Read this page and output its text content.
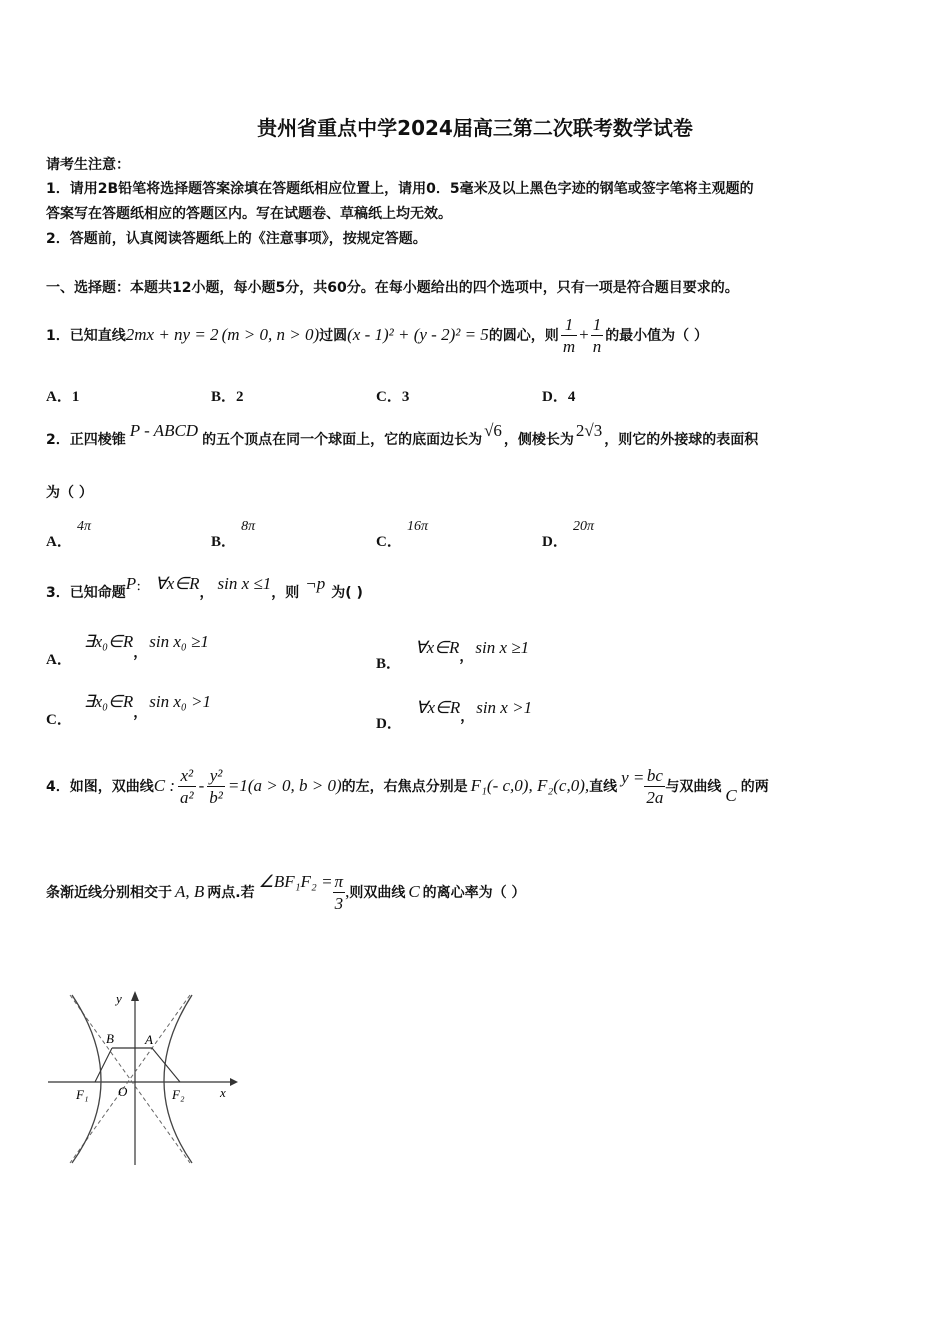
贵州省重点中学2024届高三第二次联考数学试卷
请考生注意：
1．请用2B铅笔将选择题答案涂填在答题纸相应位置上，请用0．5毫米及以上黑色字迹的钢笔或签字笔将主观题的
答案写在答题纸相应的答题区内。写在试题卷、草稿纸上均无效。
2．答题前，认真阅读答题纸上的《注意事项》，按规定答题。
一、选择题：本题共12小题，每小题5分，共60分。在每小题给出的四个选项中，只有一项是符合题目要求的。
1．已知直线 2mx + ny = 2 (m > 0, n > 0) 过圆 (x - 1)² + (y - 2)² = 5 的圆心，则 $\frac{1}{m} + \frac{1}{n}$ 的最小值为（ ）
A．1	B．2	C．3	D．4
2．正四棱锥 P - ABCD 的五个顶点在同一个球面上，它的底面边长为 √6 ，侧棱长为 2√3 ，则它的外接球的表面积
为（ ）
A． 4π
B． 8π
C． 16π
D． 20π
3．已知命题 P ： ∀x∈R ， sin x ≤1 ，则 ¬p 为( )
A．
∃x₀∈R
，
sin x₀ ≥1
B．
∀x∈R ， sin x ≥1
C．
∃x₀∈R
，
sin x₀ >1
D．
∀x∈R ， sin x >1
4．如图，双曲线 C : $\frac{\text{x²}}{\text{a²}} - \frac{\text{y²}}{\text{b²}} =1(a > 0$, b > 0) 的左，右焦点分别是 F₁(- c,0), F₂(c,0), 直线 $y = \frac{bc}{2a}$ 与双曲线 C 的两
条渐近线分别相交于 A, B 两点.若
∠BF₁F₂ = $\frac{\pi}{3}$ , 则双曲线 C 的离心率为（ ）
y
x
B A
O
F₁	F₂
